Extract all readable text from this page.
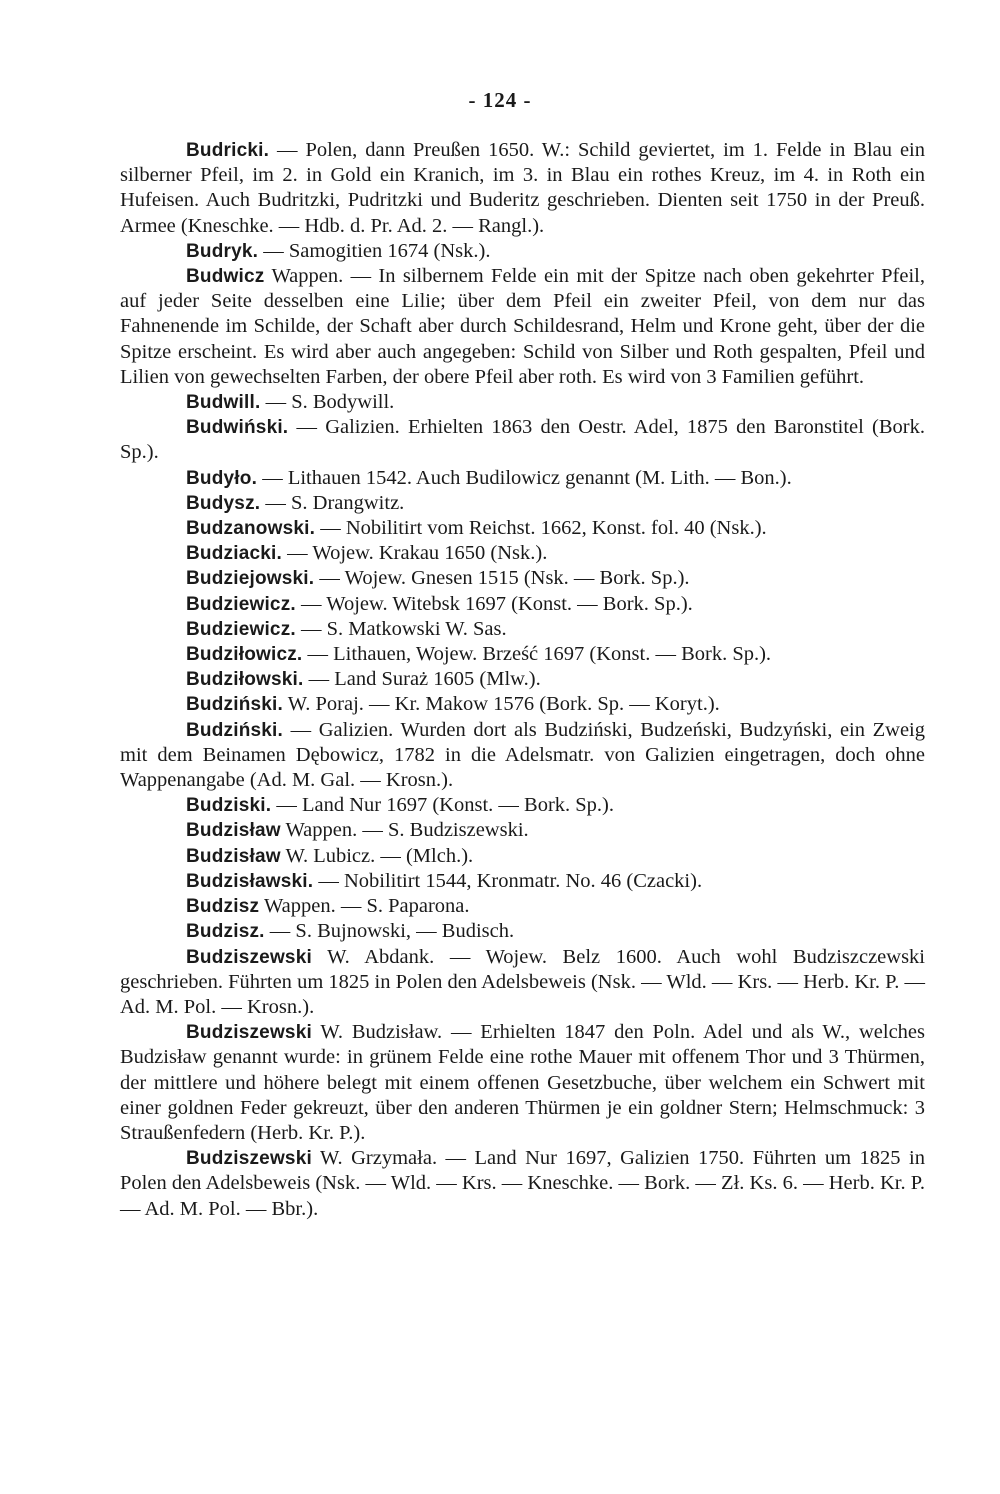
- 124 -

Budricki. — Polen, dann Preußen 1650. W.: Schild geviertet, im 1. Felde in Blau ein silberner Pfeil, im 2. in Gold ein Kranich, im 3. in Blau ein rothes Kreuz, im 4. in Roth ein Hufeisen. Auch Budritzki, Pudritzki und Buderitz geschrieben. Dienten seit 1750 in der Preuß. Armee (Kneschke. — Hdb. d. Pr. Ad. 2. — Rangl.).

Budryk. — Samogitien 1674 (Nsk.).

Budwicz Wappen. — In silbernem Felde ein mit der Spitze nach oben gekehrter Pfeil, auf jeder Seite desselben eine Lilie; über dem Pfeil ein zweiter Pfeil, von dem nur das Fahnenende im Schilde, der Schaft aber durch Schildesrand, Helm und Krone geht, über der die Spitze erscheint. Es wird aber auch angegeben: Schild von Silber und Roth gespalten, Pfeil und Lilien von gewechselten Farben, der obere Pfeil aber roth. Es wird von 3 Familien geführt.

Budwill. — S. Bodywill.

Budwiński. — Galizien. Erhielten 1863 den Oestr. Adel, 1875 den Baronstitel (Bork. Sp.).

Budyło. — Lithauen 1542. Auch Budilowicz genannt (M. Lith. — Bon.).

Budysz. — S. Drangwitz.

Budzanowski. — Nobilitirt vom Reichst. 1662, Konst. fol. 40 (Nsk.).

Budziacki. — Wojew. Krakau 1650 (Nsk.).

Budziejowski. — Wojew. Gnesen 1515 (Nsk. — Bork. Sp.).

Budziewicz. — Wojew. Witebsk 1697 (Konst. — Bork. Sp.).

Budziewicz. — S. Matkowski W. Sas.

Budziłowicz. — Lithauen, Wojew. Brześć 1697 (Konst. — Bork. Sp.).

Budziłowski. — Land Suraż 1605 (Mlw.).

Budziński. W. Poraj. — Kr. Makow 1576 (Bork. Sp. — Koryt.).

Budziński. — Galizien. Wurden dort als Budziński, Budzeński, Budzyński, ein Zweig mit dem Beinamen Dębowicz, 1782 in die Adelsmatr. von Galizien eingetragen, doch ohne Wappenangabe (Ad. M. Gal. — Krosn.).

Budziski. — Land Nur 1697 (Konst. — Bork. Sp.).

Budzisław Wappen. — S. Budziszewski.

Budzisław W. Lubicz. — (Mlch.).

Budzisławski. — Nobilitirt 1544, Kronmatr. No. 46 (Czacki).

Budzisz Wappen. — S. Paparona.

Budzisz. — S. Bujnowski, — Budisch.

Budziszewski W. Abdank. — Wojew. Belz 1600. Auch wohl Budziszczewski geschrieben. Führten um 1825 in Polen den Adelsbeweis (Nsk. — Wld. — Krs. — Herb. Kr. P. — Ad. M. Pol. — Krosn.).

Budziszewski W. Budzisław. — Erhielten 1847 den Poln. Adel und als W., welches Budzisław genannt wurde: in grünem Felde eine rothe Mauer mit offenem Thor und 3 Thürmen, der mittlere und höhere belegt mit einem offenen Gesetzbuche, über welchem ein Schwert mit einer goldnen Feder gekreuzt, über den anderen Thürmen je ein goldner Stern; Helmschmuck: 3 Straußenfedern (Herb. Kr. P.).

Budziszewski W. Grzymała. — Land Nur 1697, Galizien 1750. Führten um 1825 in Polen den Adelsbeweis (Nsk. — Wld. — Krs. — Kneschke. — Bork. — Zł. Ks. 6. — Herb. Kr. P. — Ad. M. Pol. — Bbr.).
